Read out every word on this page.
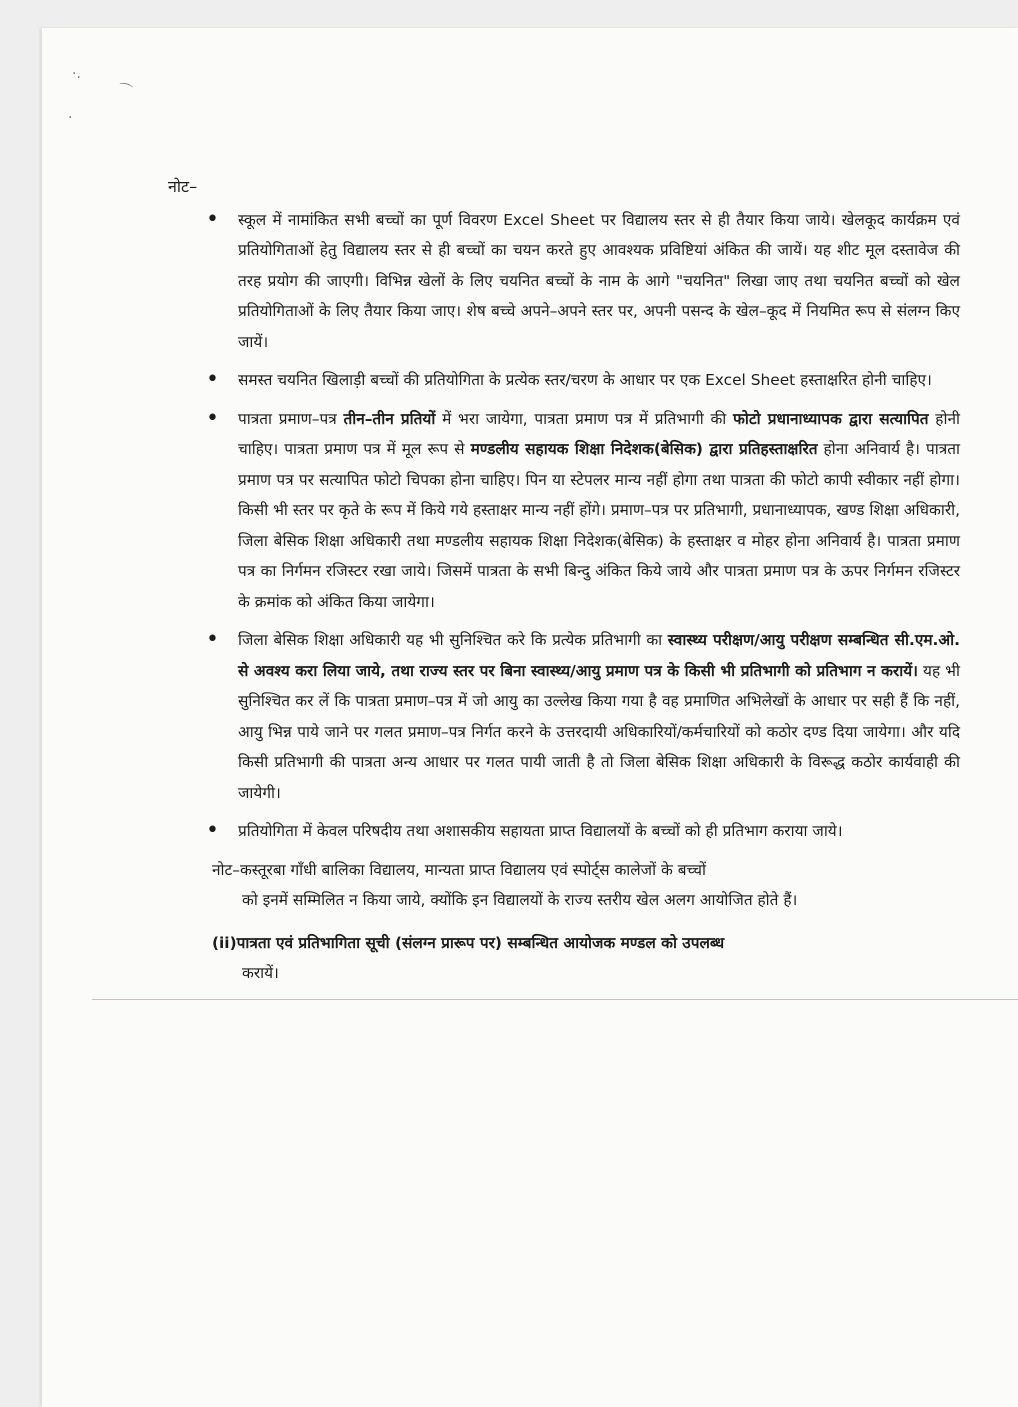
·.
⌒
·
नोट–
• स्कूल में नामांकित सभी बच्चों का पूर्ण विवरण Excel Sheet पर विद्यालय स्तर से ही तैयार किया जाये। खेलकूद कार्यक्रम एवं प्रतियोगिताओं हेतु विद्यालय स्तर से ही बच्चों का चयन करते हुए आवश्यक प्रविष्टियां अंकित की जायें। यह शीट मूल दस्तावेज की तरह प्रयोग की जाएगी। विभिन्न खेलों के लिए चयनित बच्चों के नाम के आगे "चयनित" लिखा जाए तथा चयनित बच्चों को खेल प्रतियोगिताओं के लिए तैयार किया जाए। शेष बच्चे अपने–अपने स्तर पर, अपनी पसन्द के खेल–कूद में नियमित रूप से संलग्न किए जायें।
• समस्त चयनित खिलाड़ी बच्चों की प्रतियोगिता के प्रत्येक स्तर/चरण के आधार पर एक Excel Sheet हस्ताक्षरित होनी चाहिए।
• पात्रता प्रमाण–पत्र तीन–तीन प्रतियों में भरा जायेगा, पात्रता प्रमाण पत्र में प्रतिभागी की फोटो प्रधानाध्यापक द्वारा सत्यापित होनी चाहिए। पात्रता प्रमाण पत्र में मूल रूप से मण्डलीय सहायक शिक्षा निदेशक(बेसिक) द्वारा प्रतिहस्ताक्षरित होना अनिवार्य है। पात्रता प्रमाण पत्र पर सत्यापित फोटो चिपका होना चाहिए। पिन या स्टेपलर मान्य नहीं होगा तथा पात्रता की फोटो कापी स्वीकार नहीं होगा। किसी भी स्तर पर कृते के रूप में किये गये हस्ताक्षर मान्य नहीं होंगे। प्रमाण–पत्र पर प्रतिभागी, प्रधानाध्यापक, खण्ड शिक्षा अधिकारी, जिला बेसिक शिक्षा अधिकारी तथा मण्डलीय सहायक शिक्षा निदेशक(बेसिक) के हस्ताक्षर व मोहर होना अनिवार्य है। पात्रता प्रमाण पत्र का निर्गमन रजिस्टर रखा जाये। जिसमें पात्रता के सभी बिन्दु अंकित किये जाये और पात्रता प्रमाण पत्र के ऊपर निर्गमन रजिस्टर के क्रमांक को अंकित किया जायेगा।
• जिला बेसिक शिक्षा अधिकारी यह भी सुनिश्चित करे कि प्रत्येक प्रतिभागी का स्वास्थ्य परीक्षण/आयु परीक्षण सम्बन्धित सी.एम.ओ. से अवश्य करा लिया जाये, तथा राज्य स्तर पर बिना स्वास्थ्य/आयु प्रमाण पत्र के किसी भी प्रतिभागी को प्रतिभाग न करायें। यह भी सुनिश्चित कर लें कि पात्रता प्रमाण–पत्र में जो आयु का उल्लेख किया गया है वह प्रमाणित अभिलेखों के आधार पर सही हैं कि नहीं, आयु भिन्न पाये जाने पर गलत प्रमाण–पत्र निर्गत करने के उत्तरदायी अधिकारियों/कर्मचारियों को कठोर दण्ड दिया जायेगा। और यदि किसी प्रतिभागी की पात्रता अन्य आधार पर गलत पायी जाती है तो जिला बेसिक शिक्षा अधिकारी के विरूद्ध कठोर कार्यवाही की जायेगी।
• प्रतियोगिता में केवल परिषदीय तथा अशासकीय सहायता प्राप्त विद्यालयों के बच्चों को ही प्रतिभाग कराया जाये।
नोट–कस्तूरबा गाँधी बालिका विद्यालय, मान्यता प्राप्त विद्यालय एवं स्पोर्ट्स कालेजों के बच्चों
को इनमें सम्मिलित न किया जाये, क्योंकि इन विद्यालयों के राज्य स्तरीय खेल अलग आयोजित होते हैं।
(ii)पात्रता एवं प्रतिभागिता सूची (संलग्न प्रारूप पर) सम्बन्धित आयोजक मण्डल को उपलब्ध
करायें।
